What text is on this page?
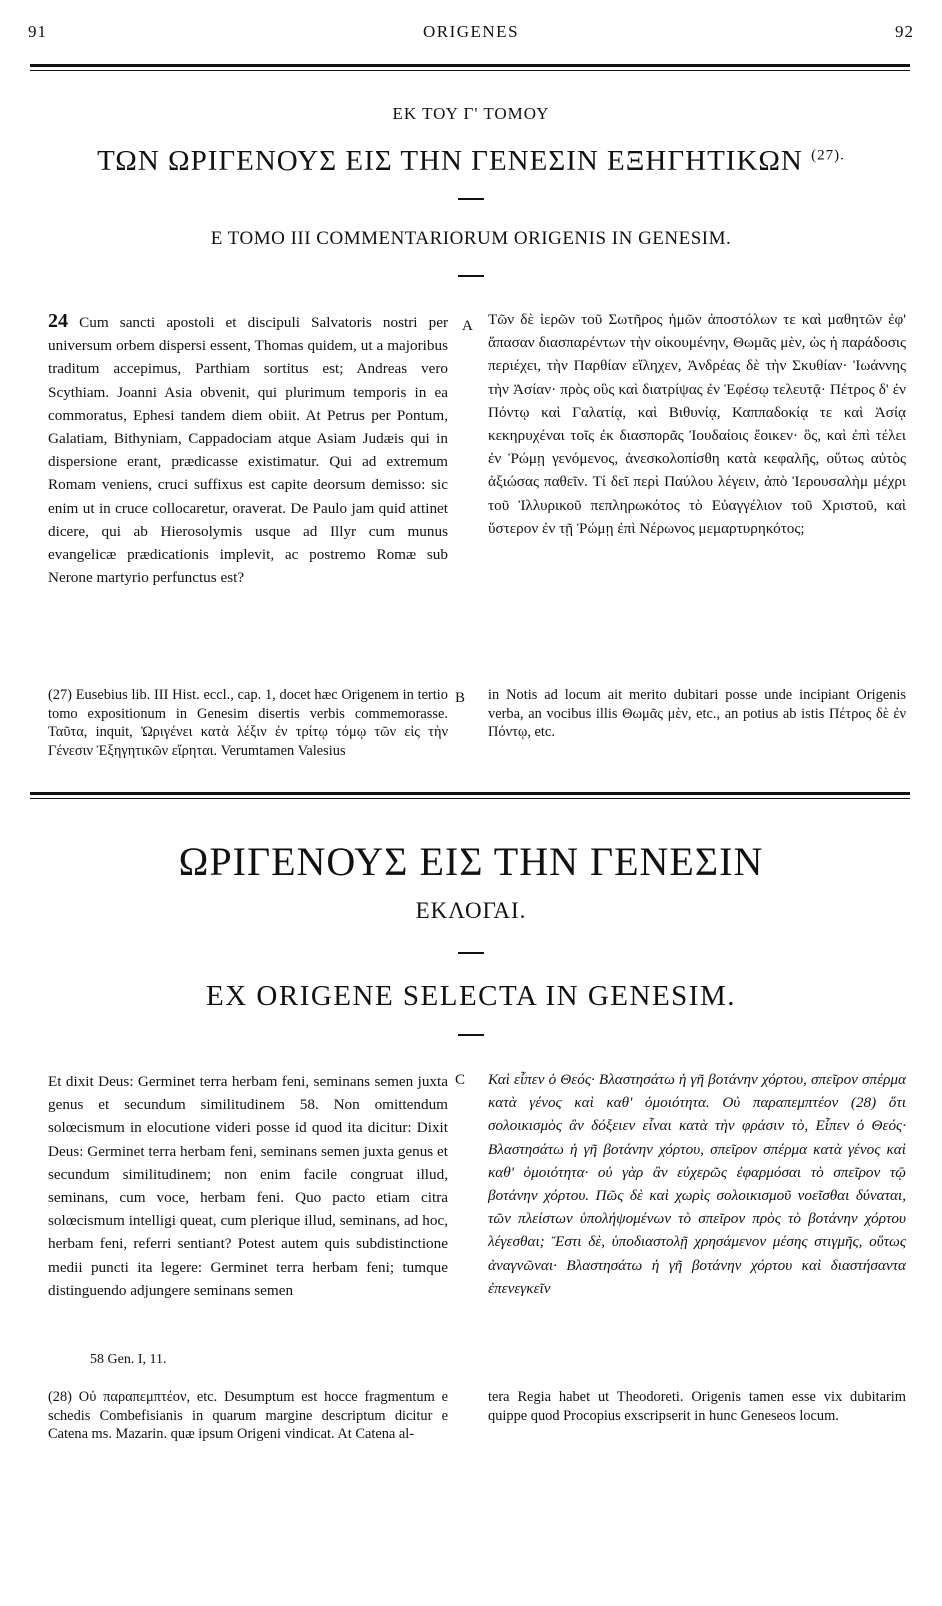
91	ORIGENES	92
ΕΚ ΤΟΥ Γ' ΤΟΜΟΥ
ΤΩΝ ΩΡΙΓΕΝΟΥΣ ΕΙΣ ΤΗΝ ΓΕΝΕΣΙΝ ΕΞΗΓΗΤΙΚΩΝ $^{(27).}$
E TOMO III COMMENTARIORUM ORIGENIS IN GENESIM.
24 Cum sancti apostoli et discipuli Salvatoris nostri per universum orbem dispersi essent, Thomas quidem, ut a majoribus traditum accepimus, Parthiam sortitus est; Andreas vero Scythiam. Joanni Asia obvenit, qui plurimum temporis in ea commoratus, Ephesi tandem diem obiit. At Petrus per Pontum, Galatiam, Bithyniam, Cappadociam atque Asiam Judæis qui in dispersione erant, prædicasse existimatur. Qui ad extremum Romam veniens, cruci suffixus est capite deorsum demisso: sic enim ut in cruce collocaretur, oraverat. De Paulo jam quid attinet dicere, qui ab Hierosolymis usque ad Illyr cum munus evangelicæ prædicationis implevit, ac postremo Romæ sub Nerone martyrio perfunctus est?
A Τῶν δὲ ἱερῶν τοῦ Σωτῆρος ἡμῶν ἀποστόλων τε καὶ μαθητῶν ἐφ' ἅπασαν διασπαρέντων τὴν οἰκουμένην, Θωμᾶς μὲν, ὡς ἡ παράδοσις περιέχει, τὴν Παρθίαν εἴληχεν, Ἀνδρέας δὲ τὴν Σκυθίαν· Ἰωάννης τὴν Ἀσίαν· πρὸς οὓς καὶ διατρίψας ἐν Ἐφέσῳ τελευτᾷ· Πέτρος δ' ἐν Πόντῳ καὶ Γαλατίᾳ, καὶ Βιθυνίᾳ, Καππαδοκίᾳ τε καὶ Ἀσίᾳ κεκηρυχέναι τοῖς ἐκ διασπορᾶς Ἰουδαίοις ἔοικεν· ὃς, καὶ ἐπὶ τέλει ἐν Ῥώμῃ γενόμενος, ἀνεσκολοπίσθη κατὰ κεφαλῆς, οὕτως αὐτὸς ἀξιώσας παθεῖν. Τί δεῖ περὶ Παύλου λέγειν, ἀπὸ Ἱερουσαλὴμ μέχρι τοῦ Ἰλλυρικοῦ πεπληρωκότος τὸ Εὐαγγέλιον τοῦ Χριστοῦ, καὶ ὕστερον ἐν τῇ Ῥώμῃ ἐπὶ Νέρωνος μεμαρτυρηκότος;
(27) Eusebius lib. III Hist. eccl., cap. 1, docet hæc Origenem in tertio tomo expositionum in Genesim disertis verbis commemorasse. Ταῦτα, inquit, Ὠριγένει κατὰ λέξιν ἐν τρίτῳ τόμῳ τῶν εἰς τὴν Γένεσιν Ἐξηγητικῶν εἴρηται. Verumtamen Valesius
B in Notis ad locum ait merito dubitari posse unde incipiant Origenis verba, an vocibus illis Θωμᾶς μὲν, etc., an potius ab istis Πέτρος δὲ ἐν Πόντῳ, etc.
ΩΡΙΓΕΝΟΥΣ ΕΙΣ ΤΗΝ ΓΕΝΕΣΙΝ
ΕΚΛΟΓΑΙ.
EX ORIGENE SELECTA IN GENESIM.
Et dixit Deus: Germinet terra herbam feni, seminans semen juxta genus et secundum similitudinem 58. Non omittendum solœcismum in elocutione videri posse id quod ita dicitur: Dixit Deus: Germinet terra herbam feni, seminans semen juxta genus et secundum similitudinem; non enim facile congruat illud, seminans, cum voce, herbam feni. Quo pacto etiam citra solœcismum intelligi queat, cum plerique illud, seminans, ad hoc, herbam feni, referri sentiant? Potest autem quis subdistinctione medii puncti ita legere: Germinet terra herbam feni; tumque distinguendo adjungere seminans semen
C Καὶ εἶπεν ὁ Θεός· Βλαστησάτω ἡ γῆ βοτάνην χόρτου, σπεῖρον σπέρμα κατὰ γένος καὶ καθ' ὁμοιότητα. Οὐ παραπεμπτέον (28) ὅτι σολοικισμὸς ἂν δόξειεν εἶναι κατὰ τὴν φράσιν τὸ, Εἶπεν ὁ Θεός· Βλαστησάτω ἡ γῆ βοτάνην χόρτου, σπεῖρον σπέρμα κατὰ γένος καὶ καθ' ὁμοιότητα· οὐ γὰρ ἂν εὐχερῶς ἐφαρμόσαι τὸ σπεῖρον τῷ βοτάνην χόρτου. Πῶς δὲ καὶ χωρὶς σολοικισμοῦ νοεῖσθαι δύναται, τῶν πλείστων ὑπολήψομένων τὸ σπεῖρον πρὸς τὸ βοτάνην χόρτου λέγεσθαι; Ἔστι δὲ, ὑποδιαστολῇ χρησάμενον μέσης στιγμῆς, οὕτως ἀναγνῶναι· Βλαστησάτω ἡ γῆ βοτάνην χόρτου καὶ διαστήσαντα ἐπενεγκεῖν
58 Gen. I, 11.
(28) Οὐ παραπεμπτέον, etc. Desumptum est hocce fragmentum e schedis Combefisianis in quarum margine descriptum dicitur e Catena ms. Mazarin. quæ ipsum Origeni vindicat. At Catena al-
tera Regia habet ut Theodoreti. Origenis tamen esse vix dubitarim quippe quod Procopius exscripserit in hunc Geneseos locum.
